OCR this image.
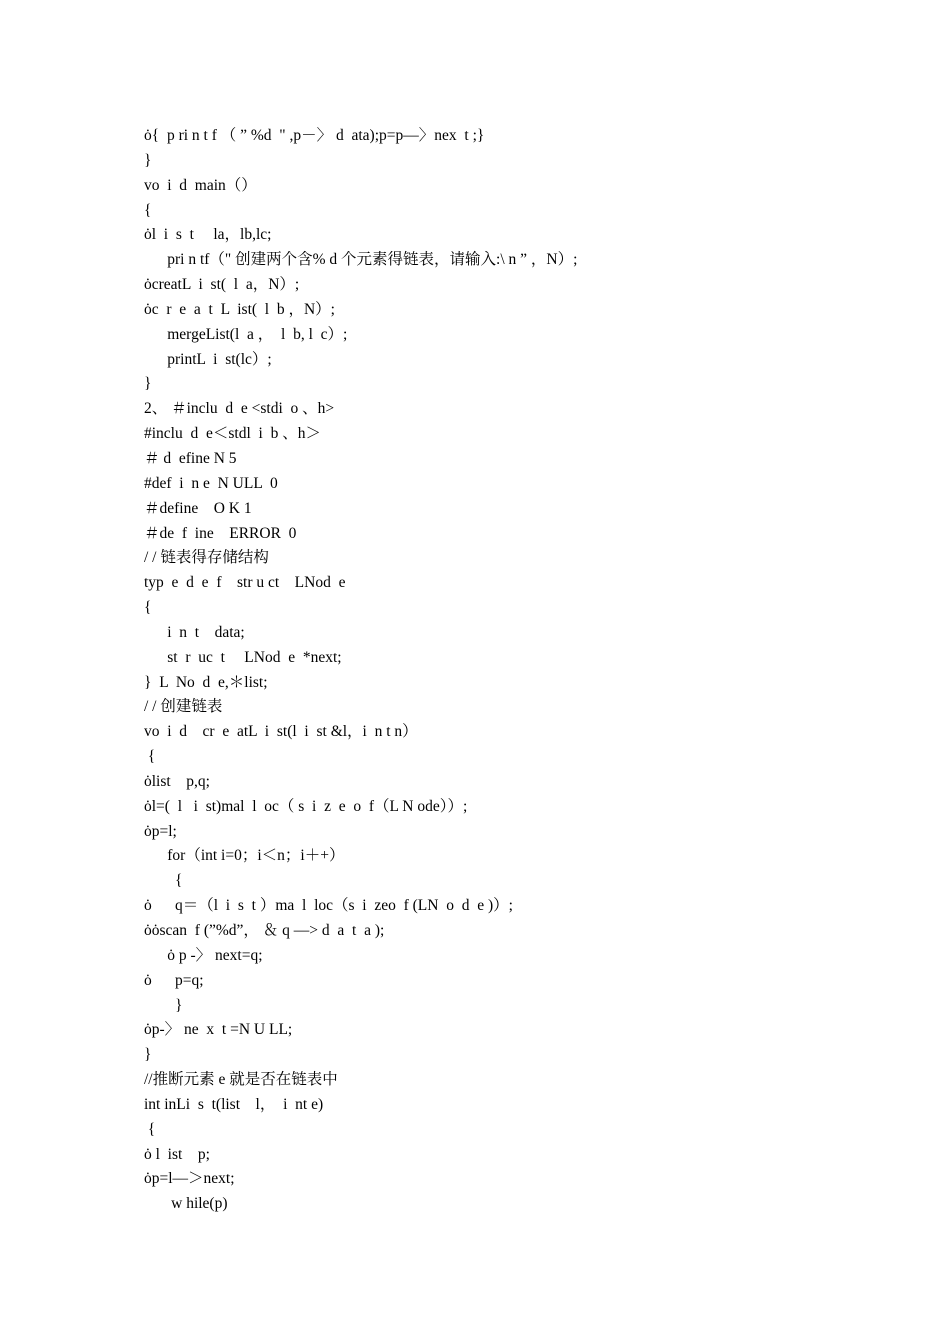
ȯ{  p ri n t f （ ” %d  " ,p－〉 d  ata);p=p—〉nex  t ;}
}
vo  i  d  main（）
{
ȯl  i  s  t     la，lb,lc;
pri n tf（" 创建两个含% d 个元素得链表，请输入:\ n ” ，N）;
ȯcreatL  i  st(  l  a，N）;
ȯc  r  e  a  t  L  ist(  l  b ，N）;
mergeList(l  a ，  l  b, l  c）;
printL  i  st(lc）;
}
2、 ＃inclu  d  e <stdi  o 、h>
#inclu  d  e＜stdl  i  b 、h＞
＃ d  efine N 5
#def  i  n e  N ULL  0
＃define    O K 1
＃de  f  ine    ERROR  0
/ / 链表得存储结构
typ  e  d  e  f    str u ct    LNod  e
{
i  n  t    data;
st  r  uc  t     LNod  e  *next;
}  L  No  d  e,＊list;
/ / 创建链表
vo  i  d    cr  e  atL  i  st(l  i  st &l，i  n t n）
{
ȯlist    p,q;
ȯl=(  l   i  st)mal  l  oc（ s  i  z  e  o  f（L N ode））;
ȯp=l;
for（int i=0；i＜n；i＋+）
{
ȯ      q＝（l  i  s  t ）ma  l  loc（s  i  zeo  f (LN  o  d  e )）;
ȯȯscan  f (”%d”， ＆ q —> d  a  t  a );
ȯ p -〉 next=q;
ȯ      p=q;
}
ȯp-〉 ne  x  t =N U LL;
}
//推断元素 e 就是否在链表中
int inLi  s  t(list    l，  i  nt e)
{
ȯ l  ist    p;
ȯp=l—＞next;
w hile(p)
